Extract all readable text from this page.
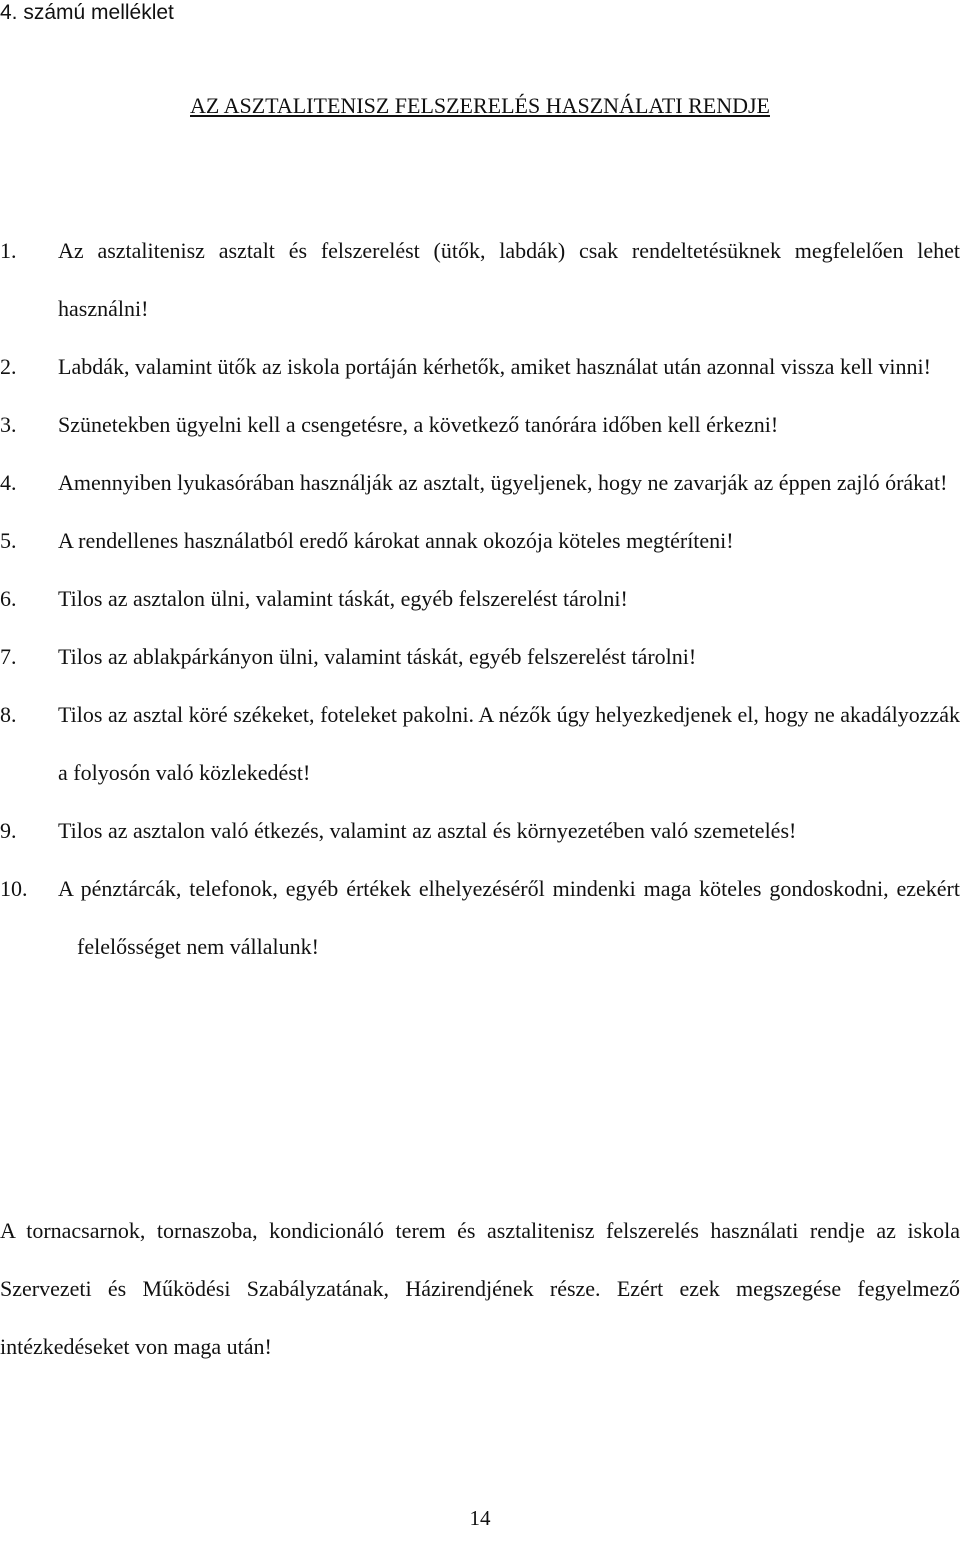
4. számú melléklet

AZ ASZTALITENISZ FELSZERELÉS HASZNÁLATI RENDJE
1. Az asztalitenisz asztalt és felszerelést (ütők, labdák) csak rendeltetésüknek megfelelően lehet használni!
2. Labdák, valamint ütők az iskola portáján kérhetők, amiket használat után azonnal vissza kell vinni!
3. Szünetekben ügyelni kell a csengetésre, a következő tanórára időben kell érkezni!
4. Amennyiben lyukasórában használják az asztalt, ügyeljenek, hogy ne zavarják az éppen zajló órákat!
5. A rendellenes használatból eredő károkat annak okozója köteles megtéríteni!
6. Tilos az asztalon ülni, valamint táskát, egyéb felszerelést tárolni!
7. Tilos az ablakpárkányon ülni, valamint táskát, egyéb felszerelést tárolni!
8. Tilos az asztal köré székeket, foteleket pakolni. A nézők úgy helyezkedjenek el, hogy ne akadályozzák a folyosón való közlekedést!
9. Tilos az asztalon való étkezés, valamint az asztal és környezetében való szemetelés!
10. A pénztárcák, telefonok, egyéb értékek elhelyezéséről mindenki maga köteles gondoskodni, ezekért felelősséget nem vállalunk!

A tornacsarnok, tornaszoba, kondicionáló terem és asztalitenisz felszerelés használati rendje az iskola Szervezeti és Működési Szabályzatának, Házirendjének része. Ezért ezek megszegése fegyelmező intézkedéseket von maga után!

14
